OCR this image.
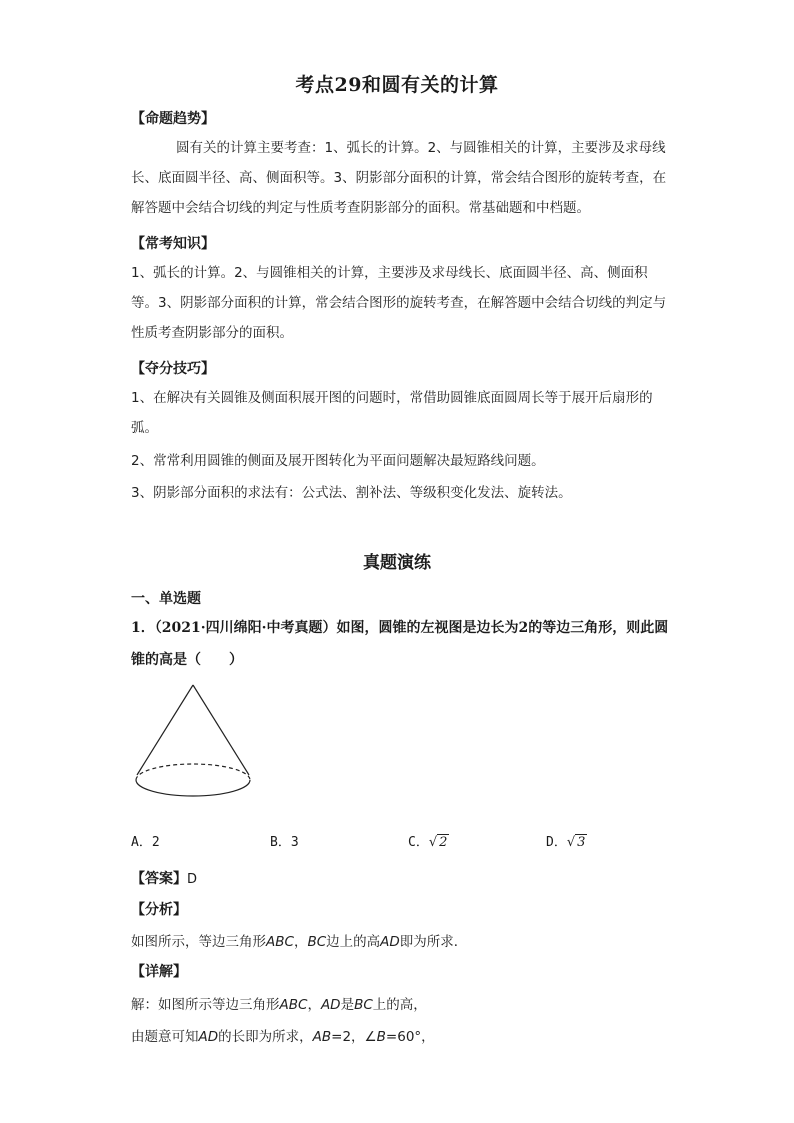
考点29和圆有关的计算
【命题趋势】
圆有关的计算主要考查：1、弧长的计算。2、与圆锥相关的计算，主要涉及求母线长、底面圆半径、高、侧面积等。3、阴影部分面积的计算，常会结合图形的旋转考查，在解答题中会结合切线的判定与性质考查阴影部分的面积。常基础题和中档题。
【常考知识】
1、弧长的计算。2、与圆锥相关的计算，主要涉及求母线长、底面圆半径、高、侧面积等。3、阴影部分面积的计算，常会结合图形的旋转考查，在解答题中会结合切线的判定与性质考查阴影部分的面积。
【夺分技巧】
1、在解决有关圆锥及侧面积展开图的问题时，常借助圆锥底面圆周长等于展开后扇形的弧。
2、常常利用圆锥的侧面及展开图转化为平面问题解决最短路线问题。
3、阴影部分面积的求法有：公式法、割补法、等级积变化发法、旋转法。
真题演练
一、单选题
1．（2021·四川绵阳·中考真题）如图，圆锥的左视图是边长为2的等边三角形，则此圆锥的高是（　　）
A．2	B．3	C．√ 2	D．√ 3
【答案】D
【分析】
如图所示，等边三角形ABC，BC边上的高AD即为所求．
【详解】
解：如图所示等边三角形ABC，AD是BC上的高，
由题意可知AD的长即为所求，AB=2，∠B=60°，
